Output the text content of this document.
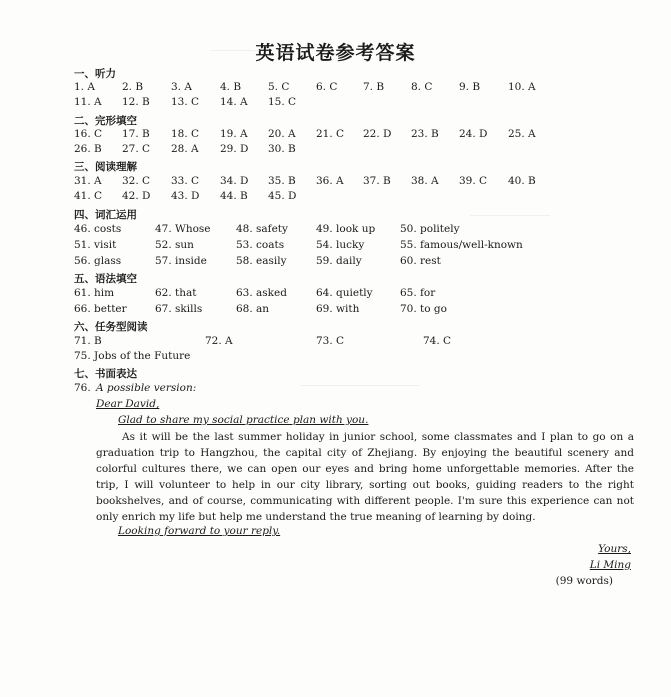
英语试卷参考答案
一、听力
1. A	2. B	3. A	4. B	5. C	6. C 7. B	8. C	9. B	10. A
11. A 12. B 13. C 14. A 15. C
二、完形填空
16. C 17. B 18. C 19. A 20. A 21. C 22. D 23. B 24. D 25. A
26. B 27. C 28. A 29. D 30. B
三、阅读理解
31. A 32. C 33. C 34. D 35. B 36. A 37. B 38. A 39. C 40. B
41. C 42. D 43. D 44. B 45. D
四、词汇运用
46. costs	47. Whose 48. safety	49. look up 50. politely
51. visit	52. sun	53. coats	54. lucky	55. famous/well-known
56. glass	57. inside	58. easily	59. daily	60. rest
五、语法填空
61. him	62. that	63. asked	64. quietly	65. for
66. better	67. skills	68. an	69. with	70. to go
六、任务型阅读
71. B	72. A	73. C	74. C
75. Jobs of the Future
七、书面表达
76. A possible version:
Dear David,
Glad to share my social practice plan with you.
As it will be the last summer holiday in junior school, some classmates and I plan to go on a graduation trip to Hangzhou, the capital city of Zhejiang. By enjoying the beautiful scenery and colorful cultures there, we can open our eyes and bring home unforgettable memories. After the trip, I will volunteer to help in our city library, sorting out books, guiding readers to the right bookshelves, and of course, communicating with different people. I'm sure this experience can not only enrich my life but help me understand the true meaning of learning by doing.
Looking forward to your reply.
Yours,
Li Ming
(99 words)
